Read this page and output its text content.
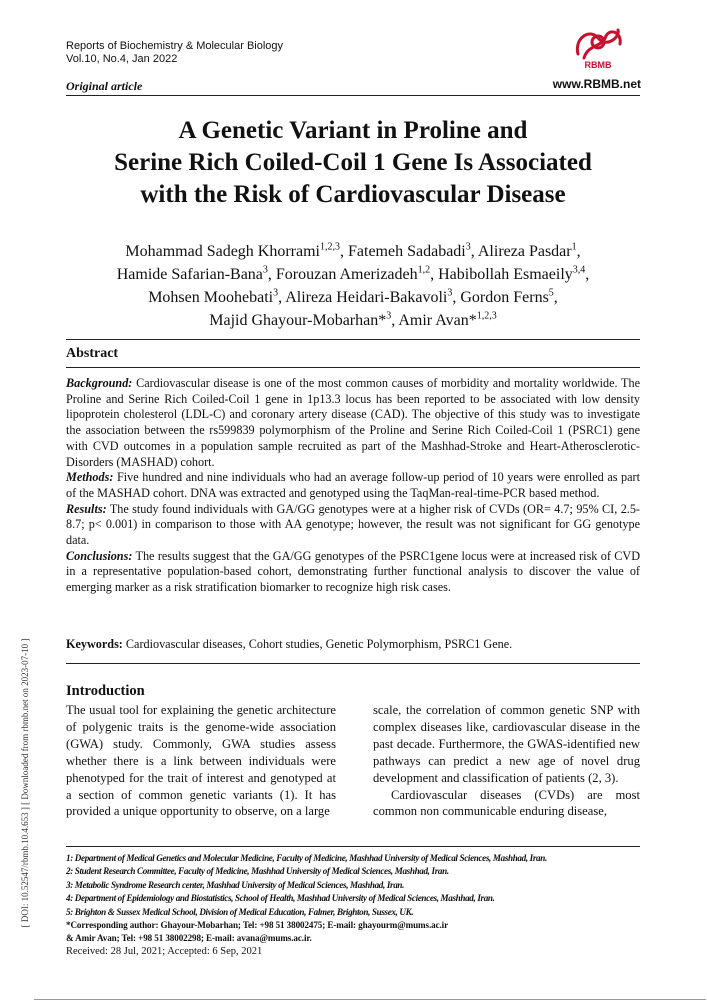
Reports of Biochemistry & Molecular Biology
Vol.10, No.4, Jan 2022
Original article
RBMB
www.RBMB.net
A Genetic Variant in Proline and
Serine Rich Coiled-Coil 1 Gene Is Associated
with the Risk of Cardiovascular Disease
Mohammad Sadegh Khorrami$^{1,2,3}$, Fatemeh Sadabadi$^3$, Alireza Pasdar$^1$,
Hamide Safarian-Bana$^3$, Forouzan Amerizadeh$^{1,2}$, Habibollah Esmaeily$^{3,4}$,
Mohsen Moohebati$^3$, Alireza Heidari-Bakavoli$^3$, Gordon Ferns$^5$,
Majid Ghayour-Mobarhan*$^3$, Amir Avan*$^{1,2,3}$
Abstract

Background: Cardiovascular disease is one of the most common causes of morbidity and mortality worldwide. The Proline and Serine Rich Coiled-Coil 1 gene in 1p13.3 locus has been reported to be associated with low density lipoprotein cholesterol (LDL-C) and coronary artery disease (CAD). The objective of this study was to investigate the association between the rs599839 polymorphism of the Proline and Serine Rich Coiled-Coil 1 (PSRC1) gene with CVD outcomes in a population sample recruited as part of the Mashhad-Stroke and Heart-Atherosclerotic-Disorders (MASHAD) cohort.

Methods: Five hundred and nine individuals who had an average follow-up period of 10 years were enrolled as part of the MASHAD cohort. DNA was extracted and genotyped using the TaqMan-real-time-PCR based method.

Results: The study found individuals with GA/GG genotypes were at a higher risk of CVDs (OR= 4.7; 95% CI, 2.5-8.7; p< 0.001) in comparison to those with AA genotype; however, the result was not significant for GG genotype data.

Conclusions: The results suggest that the GA/GG genotypes of the PSRC1gene locus were at increased risk of CVD in a representative population-based cohort, demonstrating further functional analysis to discover the value of emerging marker as a risk stratification biomarker to recognize high risk cases.

Keywords: Cardiovascular diseases, Cohort studies, Genetic Polymorphism, PSRC1 Gene.
Introduction

The usual tool for explaining the genetic architecture of polygenic traits is the genome-wide association (GWA) study. Commonly, GWA studies assess whether there is a link between individuals were phenotyped for the trait of interest and genotyped at a section of common genetic variants (1). It has provided a unique opportunity to observe, on a large

scale, the correlation of common genetic SNP with complex diseases like, cardiovascular disease in the past decade. Furthermore, the GWAS-identified new pathways can predict a new age of novel drug development and classification of patients (2, 3).

Cardiovascular diseases (CVDs) are most common non communicable enduring disease,

1: Department of Medical Genetics and Molecular Medicine, Faculty of Medicine, Mashhad University of Medical Sciences, Mashhad, Iran.
2: Student Research Committee, Faculty of Medicine, Mashhad University of Medical Sciences, Mashhad, Iran.
3: Metabolic Syndrome Research center, Mashhad University of Medical Sciences, Mashhad, Iran.
4: Department of Epidemiology and Biostatistics, School of Health, Mashhad University of Medical Sciences, Mashhad, Iran.
5: Brighton & Sussex Medical School, Division of Medical Education, Falmer, Brighton, Sussex, UK.
*Corresponding author: Ghayour-Mobarhan; Tel: +98 51 38002475; E-mail: ghayourm@mums.ac.ir
& Amir Avan; Tel: +98 51 38002298; E-mail: avana@mums.ac.ir.
Received: 28 Jul, 2021; Accepted: 6 Sep, 2021
[ DOI: 10.52547/rbmb.10.4.653 ] [ Downloaded from rbmb.net on 2023-07-10 ]
